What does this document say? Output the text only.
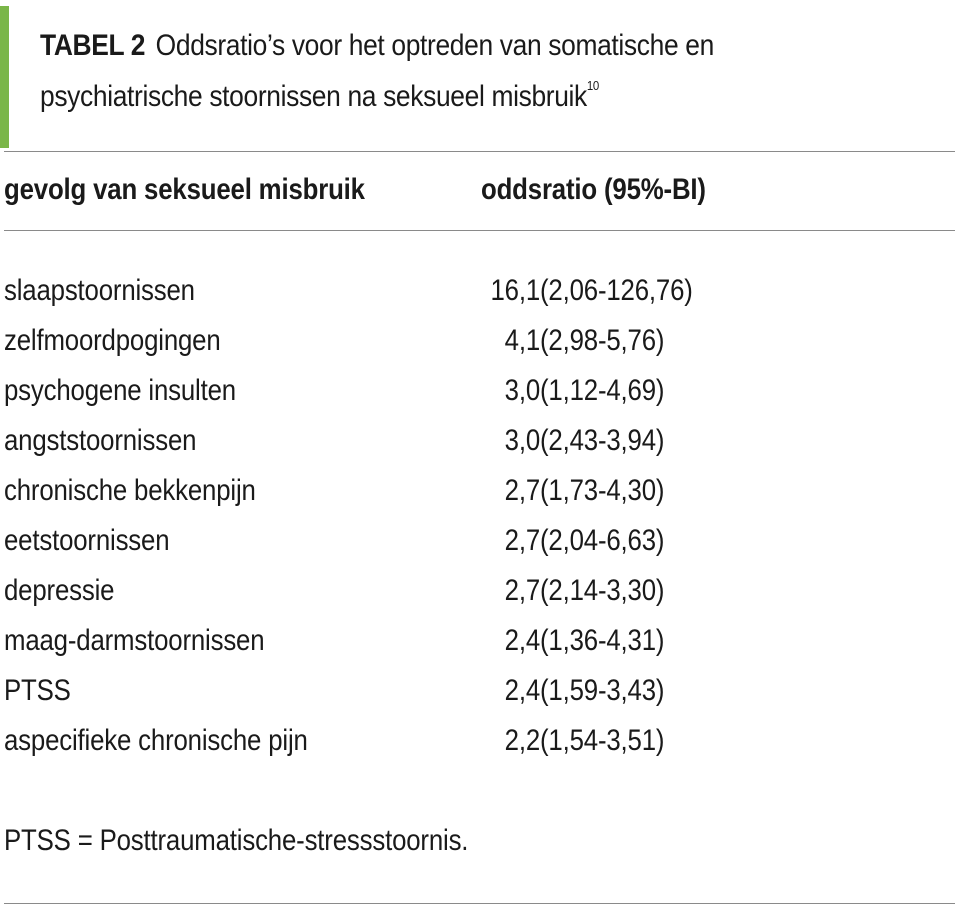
TABEL 2 Oddsratio’s voor het optreden van somatische en
psychiatrische stoornissen na seksueel misbruik$^{10}$
gevolg van seksueel misbruik	oddsratio (95%-BI)
slaapstoornissen	16,1 (2,06-126,76)
zelfmoordpogingen	4,1 (2,98-5,76)
psychogene insulten	3,0 (1,12-4,69)
angststoornissen	3,0 (2,43-3,94)
chronische bekkenpijn	2,7 (1,73-4,30)
eetstoornissen	2,7 (2,04-6,63)
depressie	2,7 (2,14-3,30)
maag-darmstoornissen	2,4 (1,36-4,31)
PTSS	2,4 (1,59-3,43)
aspecifieke chronische pijn	2,2 (1,54-3,51)
PTSS = Posttraumatische-stressstoornis.
